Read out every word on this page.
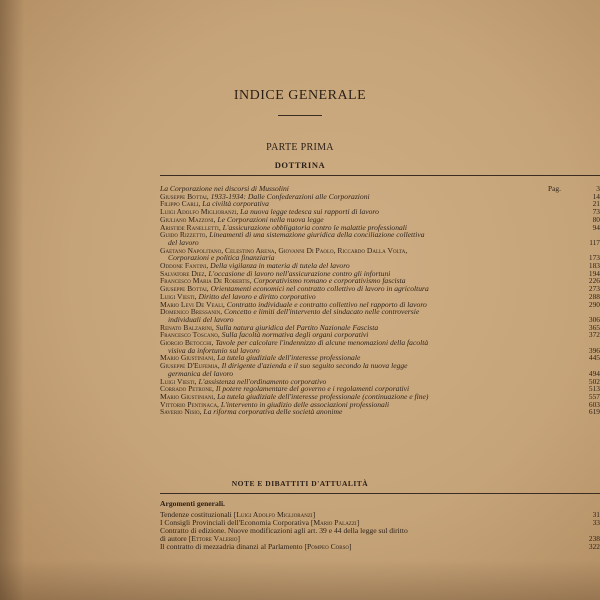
INDICE GENERALE
PARTE PRIMA
DOTTRINA
La Corporazione nei discorsi di Mussolini	Pag.	3
Giuseppe Bottai, 1933-1934: Dalle Confederazioni alle Corporazioni	14
Filippo Carli, La civiltà corporativa	21
Luigi Adolfo Miglioranzi, La nuova legge tedesca sui rapporti di lavoro	73
Giuliano Mazzoni, Le Corporazioni nella nuova legge	80
Aristide Ranelletti, L'assicurazione obbligatoria contro le malattie professionali	94
Guido Rizzetto, Lineamenti di una sistemazione giuridica della conciliazione collettiva
del lavoro	117
Gaetano Napolitano, Celestino Arena, Giovanni Di Paolo, Riccardo Dalla Volta,
Corporazioni e politica finanziaria	173
Oddone Fantini, Della vigilanza in materia di tutela del lavoro	183
Salvatore Diez, L'occasione di lavoro nell'assicurazione contro gli infortuni	194
Francesco Maria De Robertis, Corporativismo romano e corporativismo fascista	226
Giuseppe Bottai, Orientamenti economici nel contratto collettivo di lavoro in agricoltura	273
Luigi Viesti, Diritto del lavoro e diritto corporativo	288
Mario Levi De Veali, Contratto individuale e contratto collettivo nel rapporto di lavoro	290
Domenico Bressanin, Concetto e limiti dell'intervento del sindacato nelle controversie
individuali del lavoro	306
Renato Balzarini, Sulla natura giuridica del Partito Nazionale Fascista	365
Francesco Toscano, Sulla facoltà normativa degli organi corporativi	372
Giorgio Betocchi, Tavole per calcolare l'indennizzo di alcune menomazioni della facoltà
visiva da infortunio sul lavoro	396
Mario Giustiniani, La tutela giudiziale dell'interesse professionale	445
Giuseppe D'Eufemia, Il dirigente d'azienda e il suo seguito secondo la nuova legge
germanica del lavoro	494
Luigi Viesti, L'assistenza nell'ordinamento corporativo	502
Corrado Petrone, Il potere regolamentare del governo e i regolamenti corporativi	513
Mario Giustiniani, La tutela giudiziale dell'interesse professionale (continuazione e fine)	557
Vittorio Pentinaca, L'intervento in giudizio delle associazioni professionali	603
Saverio Nisio, La riforma corporativa delle società anonime	619
NOTE E DIBATTITI D'ATTUALITÀ
Argomenti generali.
Tendenze costituzionali [Luigi Adolfo Miglioranzi]	31
I Consigli Provinciali dell'Economia Corporativa [Mario Palazzi]	33
Contratto di edizione. Nuove modificazioni agli art. 39 e 44 della legge sul diritto
di autore [Ettore Valerio]	238
Il contratto di mezzadria dinanzi al Parlamento [Pompeo Corso]	322
